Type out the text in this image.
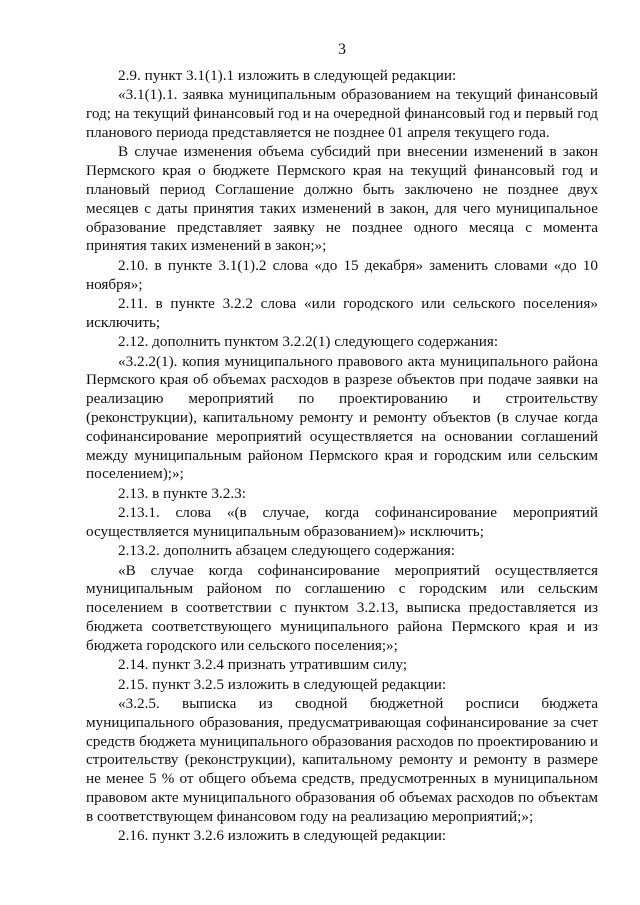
3

2.9. пункт 3.1(1).1 изложить в следующей редакции:

«3.1(1).1. заявка муниципальным образованием на текущий финансовый год; на текущий финансовый год и на очередной финансовый год и первый год планового периода представляется не позднее 01 апреля текущего года.

В случае изменения объема субсидий при внесении изменений в закон Пермского края о бюджете Пермского края на текущий финансовый год и плановый период Соглашение должно быть заключено не позднее двух месяцев с даты принятия таких изменений в закон, для чего муниципальное образование представляет заявку не позднее одного месяца с момента принятия таких изменений в закон;»;

2.10. в пункте 3.1(1).2 слова «до 15 декабря» заменить словами «до 10 ноября»;

2.11. в пункте 3.2.2 слова «или городского или сельского поселения» исключить;

2.12. дополнить пунктом 3.2.2(1) следующего содержания:

«3.2.2(1). копия муниципального правового акта муниципального района Пермского края об объемах расходов в разрезе объектов при подаче заявки на реализацию мероприятий по проектированию и строительству (реконструкции), капитальному ремонту и ремонту объектов (в случае когда софинансирование мероприятий осуществляется на основании соглашений между муниципальным районом Пермского края и городским или сельским поселением);»;

2.13. в пункте 3.2.3:

2.13.1. слова «(в случае, когда софинансирование мероприятий осуществляется муниципальным образованием)» исключить;

2.13.2. дополнить абзацем следующего содержания:

«В случае когда софинансирование мероприятий осуществляется муниципальным районом по соглашению с городским или сельским поселением в соответствии с пунктом 3.2.13, выписка предоставляется из бюджета соответствующего муниципального района Пермского края и из бюджета городского или сельского поселения;»;

2.14. пункт 3.2.4 признать утратившим силу;

2.15. пункт 3.2.5 изложить в следующей редакции:

«3.2.5. выписка из сводной бюджетной росписи бюджета муниципального образования, предусматривающая софинансирование за счет средств бюджета муниципального образования расходов по проектированию и строительству (реконструкции), капитальному ремонту и ремонту в размере не менее 5 % от общего объема средств, предусмотренных в муниципальном правовом акте муниципального образования об объемах расходов по объектам в соответствующем финансовом году на реализацию мероприятий;»;

2.16. пункт 3.2.6 изложить в следующей редакции:
